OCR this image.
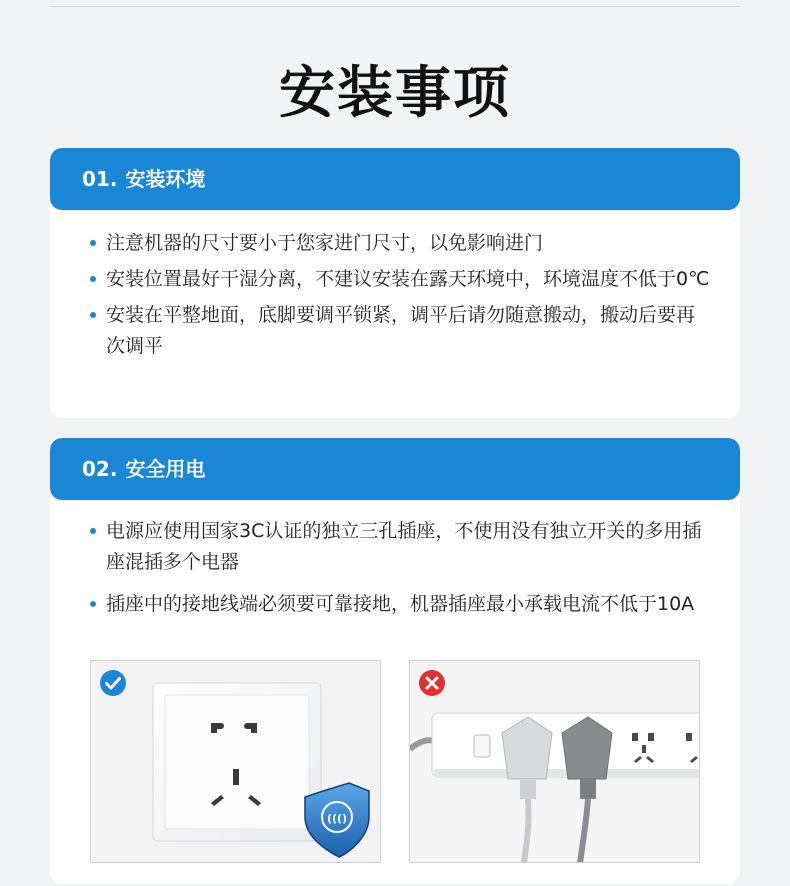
安装事项
01. 安装环境
注意机器的尺寸要小于您家进门尺寸，以免影响进门
安装位置最好干湿分离，不建议安装在露天环境中，环境温度不低于0℃
安装在平整地面，底脚要调平锁紧，调平后请勿随意搬动，搬动后要再次调平
02. 安全用电
电源应使用国家3C认证的独立三孔插座，不使用没有独立开关的多用插座混插多个电器
插座中的接地线端必须要可靠接地，机器插座最小承载电流不低于10A
((()
